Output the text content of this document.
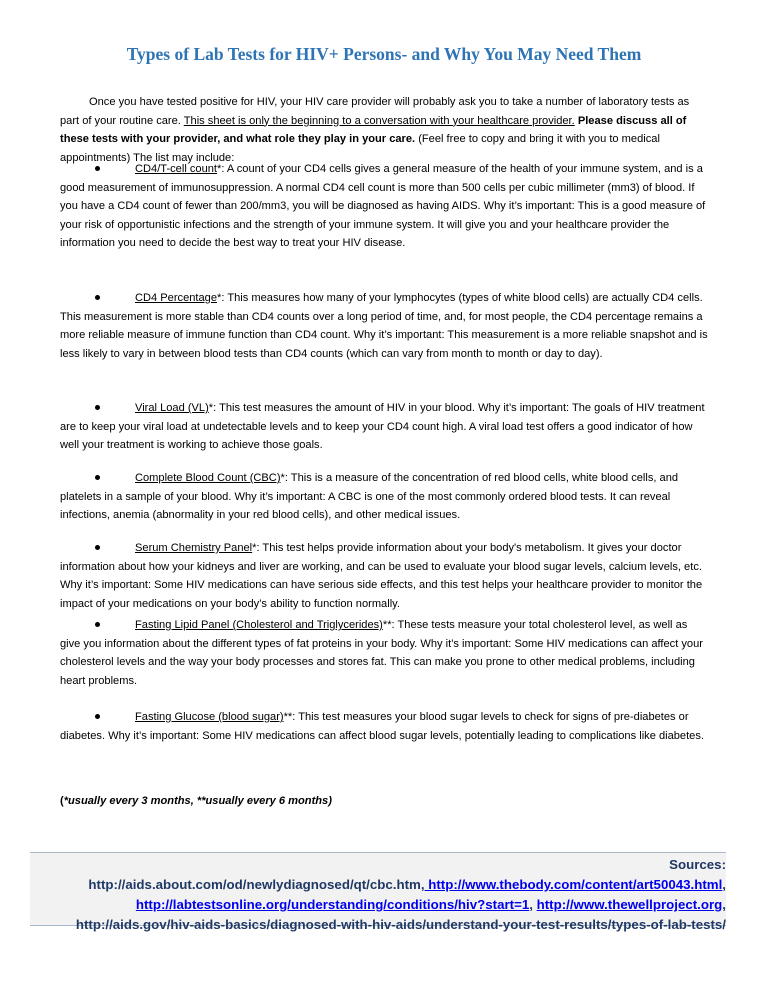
Types of Lab Tests for HIV+ Persons- and Why You May Need Them
Once you have tested positive for HIV, your HIV care provider will probably ask you to take a number of laboratory tests as part of your routine care. This sheet is only the beginning to a conversation with your healthcare provider. Please discuss all of these tests with your provider, and what role they play in your care. (Feel free to copy and bring it with you to medical appointments) The list may include:
CD4/T-cell count*: A count of your CD4 cells gives a general measure of the health of your immune system, and is a good measurement of immunosuppression. A normal CD4 cell count is more than 500 cells per cubic millimeter (mm3) of blood. If you have a CD4 count of fewer than 200/mm3, you will be diagnosed as having AIDS. Why it’s important: This is a good measure of your risk of opportunistic infections and the strength of your immune system. It will give you and your healthcare provider the information you need to decide the best way to treat your HIV disease.
CD4 Percentage*: This measures how many of your lymphocytes (types of white blood cells) are actually CD4 cells. This measurement is more stable than CD4 counts over a long period of time, and, for most people, the CD4 percentage remains a more reliable measure of immune function than CD4 count. Why it’s important: This measurement is a more reliable snapshot and is less likely to vary in between blood tests than CD4 counts (which can vary from month to month or day to day).
Viral Load (VL)*: This test measures the amount of HIV in your blood. Why it’s important: The goals of HIV treatment are to keep your viral load at undetectable levels and to keep your CD4 count high. A viral load test offers a good indicator of how well your treatment is working to achieve those goals.
Complete Blood Count (CBC)*: This is a measure of the concentration of red blood cells, white blood cells, and platelets in a sample of your blood. Why it’s important: A CBC is one of the most commonly ordered blood tests. It can reveal infections, anemia (abnormality in your red blood cells), and other medical issues.
Serum Chemistry Panel*: This test helps provide information about your body's metabolism. It gives your doctor information about how your kidneys and liver are working, and can be used to evaluate your blood sugar levels, calcium levels, etc. Why it’s important: Some HIV medications can have serious side effects, and this test helps your healthcare provider to monitor the impact of your medications on your body’s ability to function normally.
Fasting Lipid Panel (Cholesterol and Triglycerides)**: These tests measure your total cholesterol level, as well as give you information about the different types of fat proteins in your body. Why it’s important: Some HIV medications can affect your cholesterol levels and the way your body processes and stores fat. This can make you prone to other medical problems, including heart problems.
Fasting Glucose (blood sugar)**: This test measures your blood sugar levels to check for signs of pre-diabetes or diabetes. Why it’s important: Some HIV medications can affect blood sugar levels, potentially leading to complications like diabetes.
(*usually every 3 months, **usually every 6 months)
Sources:
http://aids.about.com/od/newlydiagnosed/qt/cbc.htm, http://www.thebody.com/content/art50043.html,
http://labtestsonline.org/understanding/conditions/hiv?start=1, http://www.thewellproject.org,
http://aids.gov/hiv-aids-basics/diagnosed-with-hiv-aids/understand-your-test-results/types-of-lab-tests/
